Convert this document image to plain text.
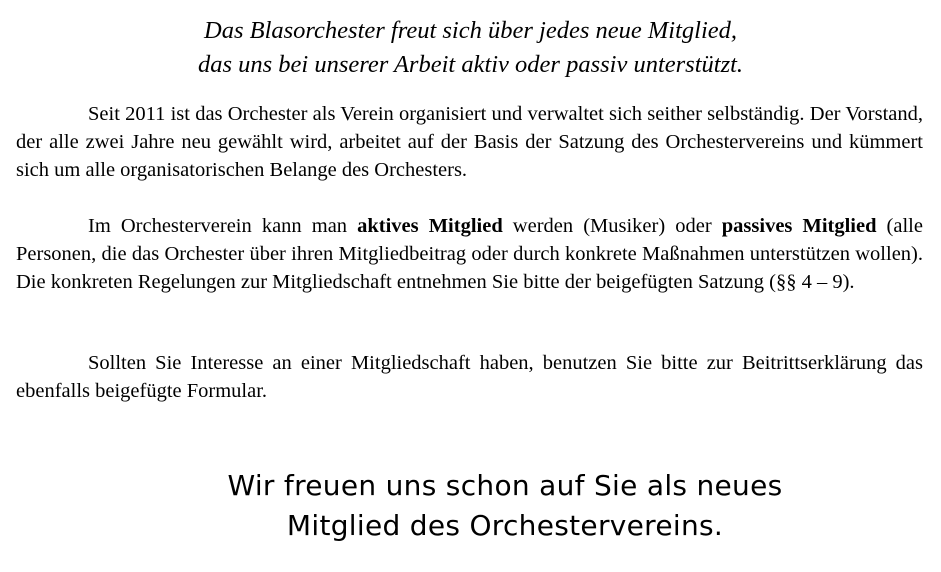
Das Blasorchester freut sich über jedes neue Mitglied,
das uns bei unserer Arbeit aktiv oder passiv unterstützt.

Seit 2011 ist das Orchester als Verein organisiert und verwaltet sich seither selbständig. Der Vorstand, der alle zwei Jahre neu gewählt wird, arbeitet auf der Basis der Satzung des Orchestervereins und kümmert sich um alle organisatorischen Belange des Orchesters.

Im Orchesterverein kann man aktives Mitglied werden (Musiker) oder passives Mitglied (alle Personen, die das Orchester über ihren Mitgliedbeitrag oder durch konkrete Maßnahmen unterstützen wollen). Die konkreten Regelungen zur Mitgliedschaft entnehmen Sie bitte der beigefügten Satzung (§§ 4 – 9).

Sollten Sie Interesse an einer Mitgliedschaft haben, benutzen Sie bitte zur Beitrittserklärung das ebenfalls beigefügte Formular.

Wir freuen uns schon auf Sie als neues
Mitglied des Orchestervereins.
